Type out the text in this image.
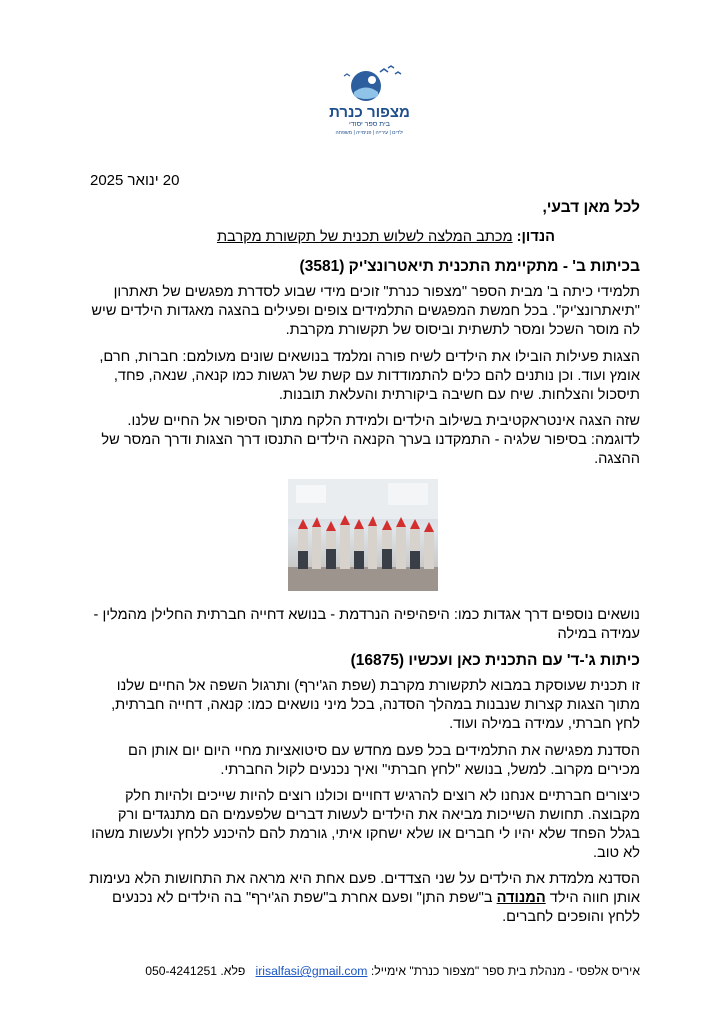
מצפור כנרת
בית ספר יסודי
ילדים | עירייה | פנימייה | משפחה
20 ינואר 2025

לכל מאן דבעי,

הנדון: מכתב המלצה לשלוש תכנית של תקשורת מקרבת

בכיתות ב' - מתקיימת התכנית תיאטרונצ'יק (3581)

תלמידי כיתה ב' מבית הספר "מצפור כנרת" זוכים מידי שבוע לסדרת מפגשים של תאתרון "תיאתרונצ'יק". בכל חמשת המפגשים התלמידים צופים ופעילים בהצגה מאגדות הילדים שיש לה מוסר השכל ומסר לתשתית וביסוס של תקשורת מקרבת.

הצגות פעילות הובילו את הילדים לשיח פורה ומלמד בנושאים שונים מעולמם: חברות, חרם, אומץ ועוד. וכן נותנים להם כלים להתמודדות עם קשת של רגשות כמו קנאה, שנאה, פחד, תיסכול והצלחות. שיח עם חשיבה ביקורתית והעלאת תובנות.

שזה הצגה אינטראקטיבית בשילוב הילדים ולמידת הלקח מתוך הסיפור אל החיים שלנו. לדוגמה: בסיפור שלגיה - התמקדנו בערך הקנאה הילדים התנסו דרך הצגות ודרך המסר של ההצגה.

נושאים נוספים דרך אגדות כמו: היפהיפיה הנרדמת - בנושא דחייה חברתית החלילן מהמלין - עמידה במילה

כיתות ג'-ד' עם התכנית כאן ועכשיו (16875)

זו תכנית שעוסקת במבוא לתקשורת מקרבת (שפת הג'ירף) ותרגול השפה אל החיים שלנו מתוך הצגות קצרות שנבנות במהלך הסדנה, בכל מיני נושאים כמו: קנאה, דחייה חברתית, לחץ חברתי, עמידה במילה ועוד.

הסדנת מפגישה את התלמידים בכל פעם מחדש עם סיטואציות מחיי היום יום אותן הם מכירים מקרוב. למשל, בנושא "לחץ חברתי" ואיך נכנעים לקול החברתי.

כיצורים חברתיים אנחנו לא רוצים להרגיש דחויים וכולנו רוצים להיות שייכים ולהיות חלק מקבוצה. תחושת השייכות מביאה את הילדים לעשות דברים שלפעמים הם מתנגדים ורק בגלל הפחד שלא יהיו לי חברים או שלא ישחקו איתי, גורמת להם להיכנע ללחץ ולעשות משהו לא טוב.

הסדנא מלמדת את הילדים על שני הצדדים. פעם אחת היא מראה את התחושות הלא נעימות אותן חווה הילד המנודה ב"שפת התן" ופעם אחרת ב"שפת הג'ירף" בה הילדים לא נכנעים ללחץ והופכים לחברים.

איריס אלפסי - מנהלת בית ספר "מצפור כנרת" אימייל: irisalfasi@gmail.com   פלא. 050-4241251
